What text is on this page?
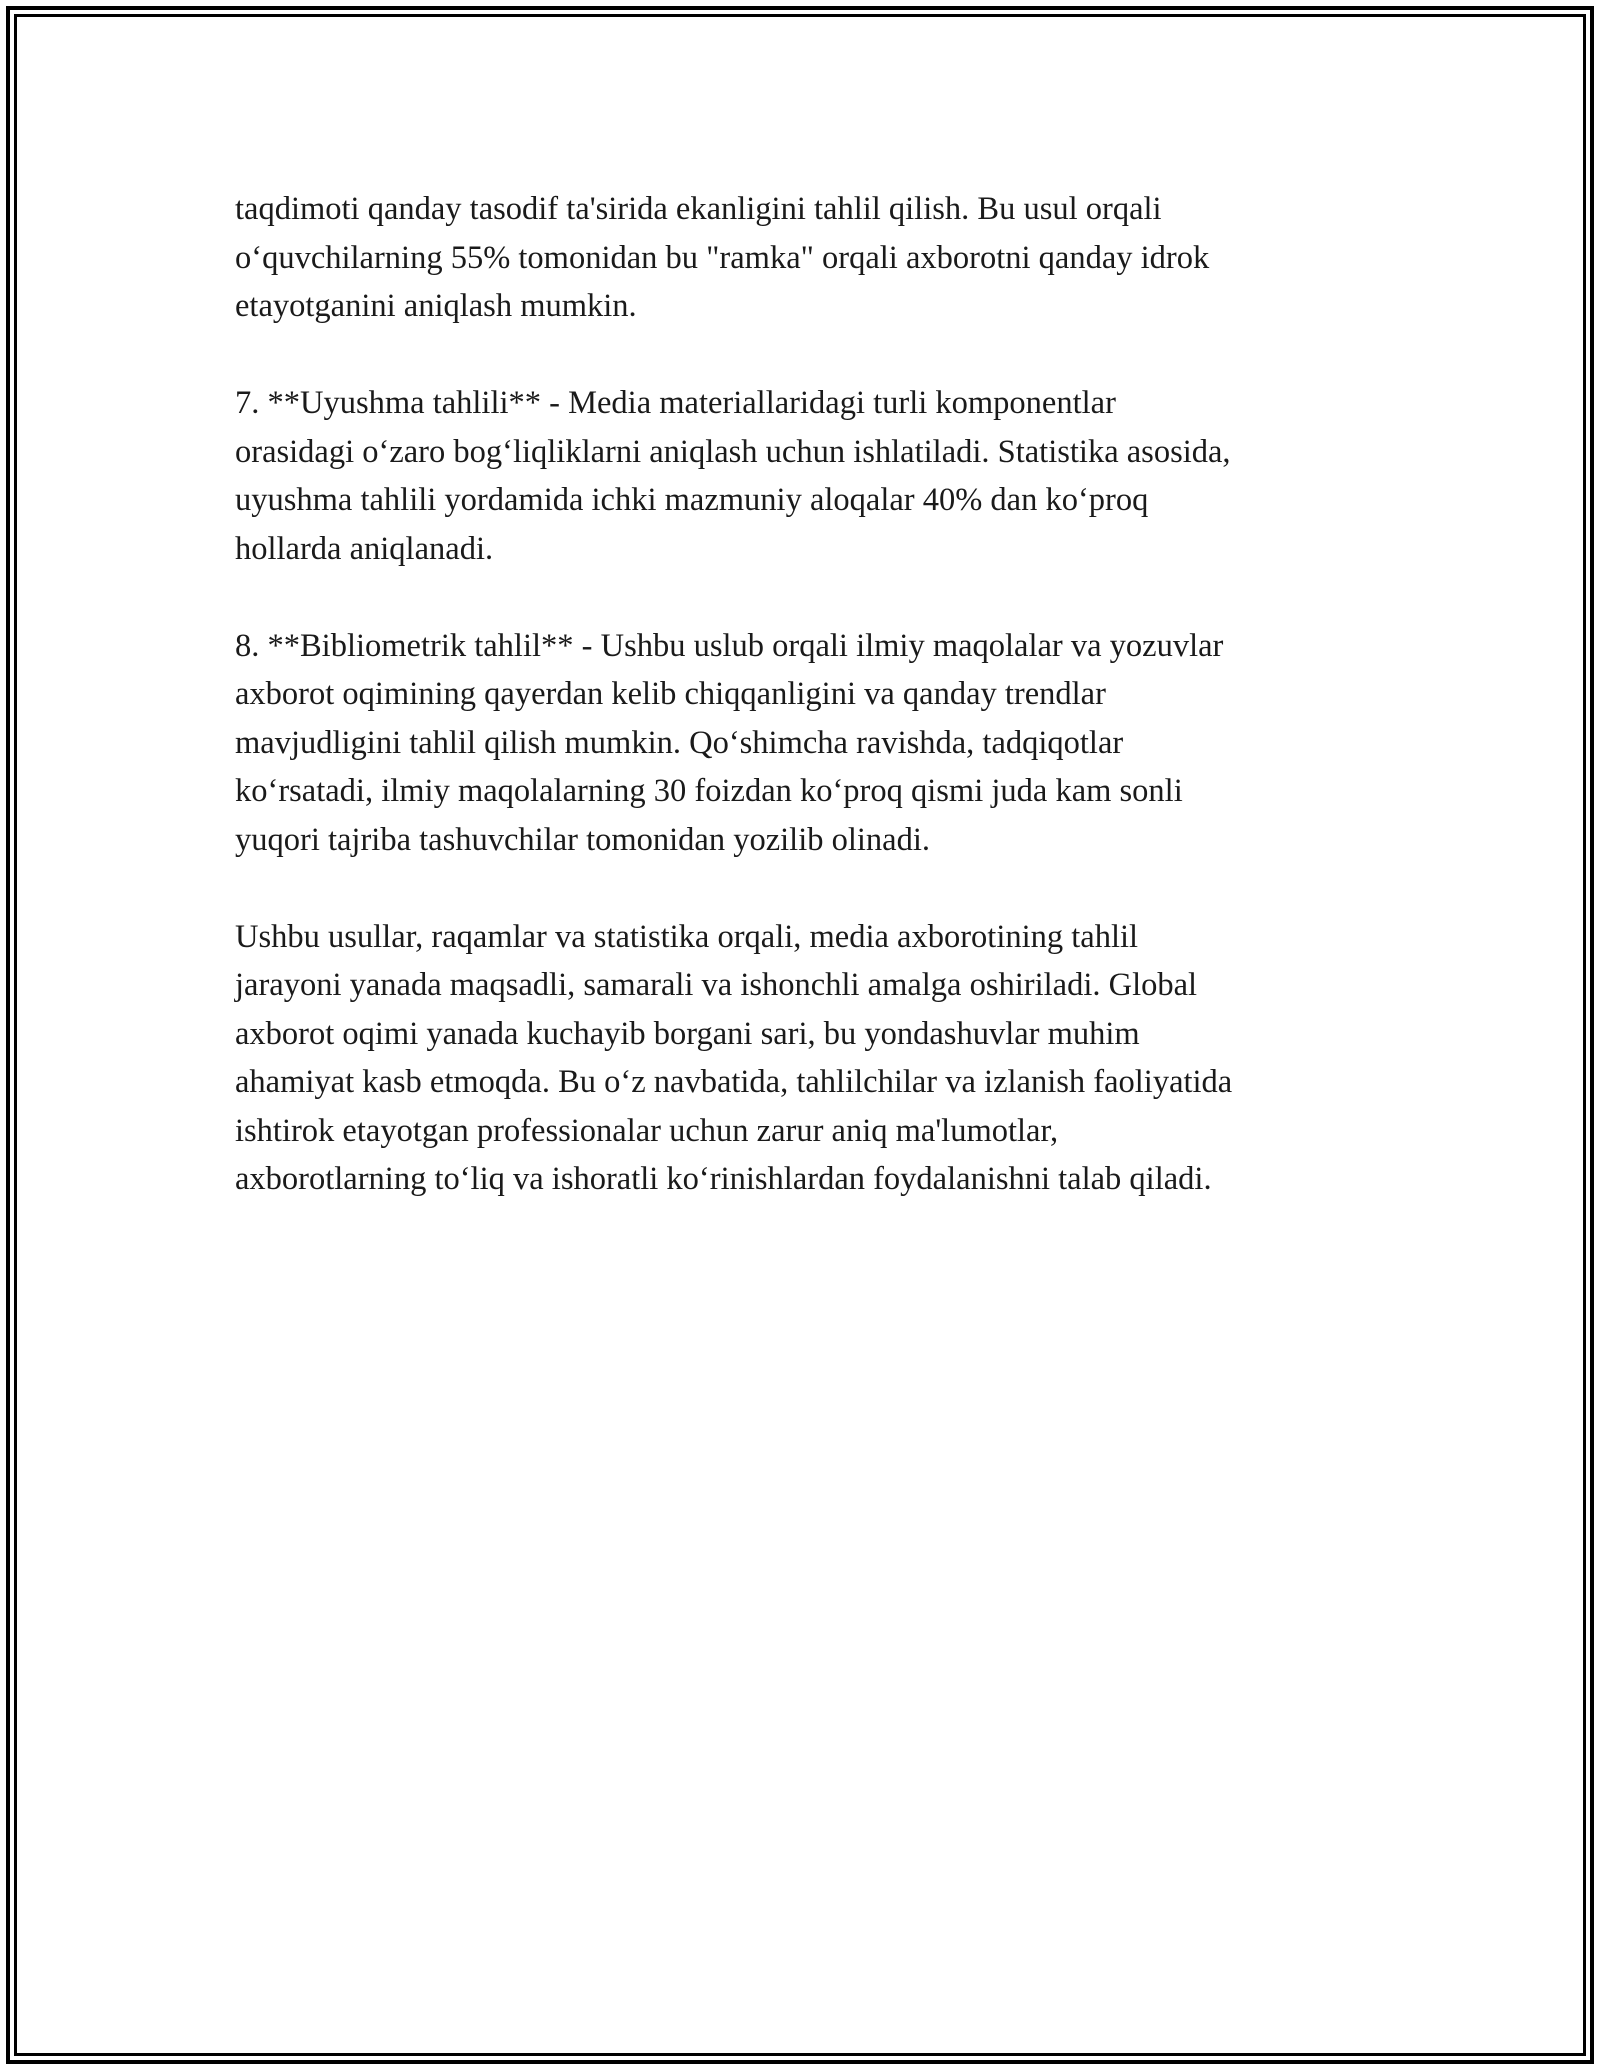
taqdimoti qanday tasodif ta'sirida ekanligini tahlil qilish. Bu usul orqali
o‘quvchilarning 55% tomonidan bu "ramka" orqali axborotni qanday idrok
etayotganini aniqlash mumkin.

7. **Uyushma tahlili** - Media materiallaridagi turli komponentlar
orasidagi o‘zaro bog‘liqliklarni aniqlash uchun ishlatiladi. Statistika asosida,
uyushma tahlili yordamida ichki mazmuniy aloqalar 40% dan ko‘proq
hollarda aniqlanadi.

8. **Bibliometrik tahlil** - Ushbu uslub orqali ilmiy maqolalar va yozuvlar
axborot oqimining qayerdan kelib chiqqanligini va qanday trendlar
mavjudligini tahlil qilish mumkin. Qo‘shimcha ravishda, tadqiqotlar
ko‘rsatadi, ilmiy maqolalarning 30 foizdan ko‘proq qismi juda kam sonli
yuqori tajriba tashuvchilar tomonidan yozilib olinadi.

Ushbu usullar, raqamlar va statistika orqali, media axborotining tahlil
jarayoni yanada maqsadli, samarali va ishonchli amalga oshiriladi. Global
axborot oqimi yanada kuchayib borgani sari, bu yondashuvlar muhim
ahamiyat kasb etmoqda. Bu o‘z navbatida, tahlilchilar va izlanish faoliyatida
ishtirok etayotgan professionalar uchun zarur aniq ma'lumotlar,
axborotlarning to‘liq va ishoratli ko‘rinishlardan foydalanishni talab qiladi.
